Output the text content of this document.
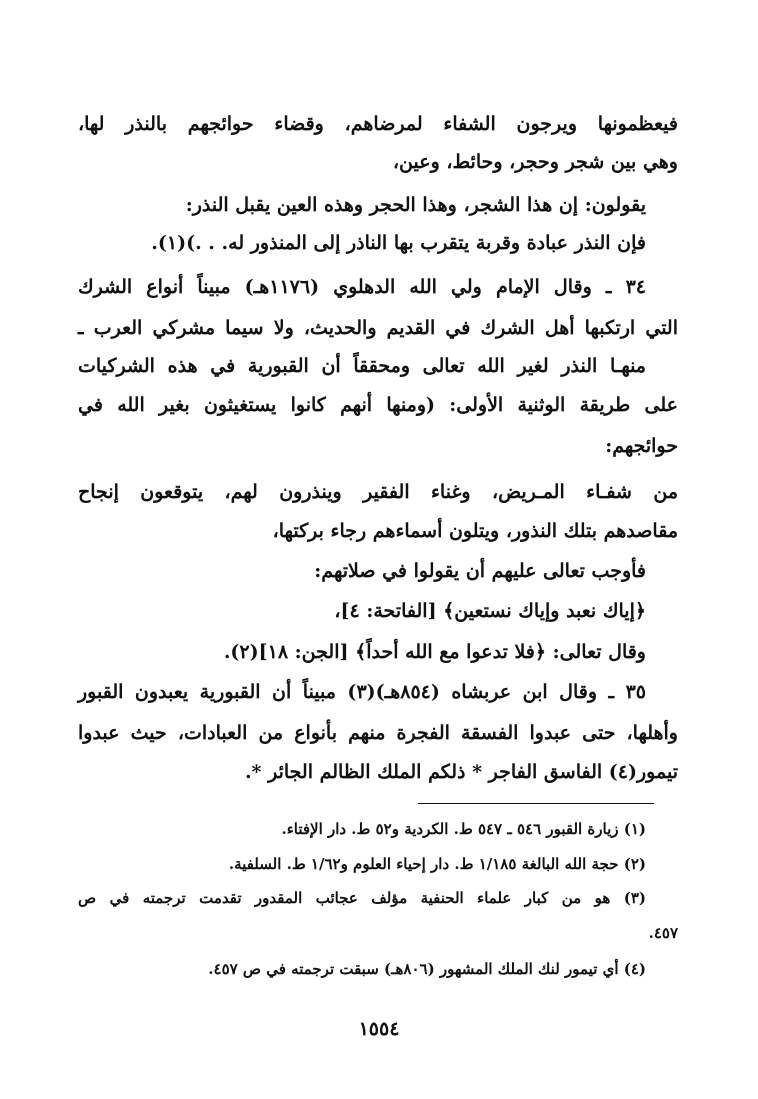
فيعظمونها ويرجون الشفاء لمرضاهم، وقضاء حوائجهم بالنذر لها،
وهي بين شجر وحجر، وحائط، وعين،
يقولون: إن هذا الشجر، وهذا الحجر وهذه العين يقبل النذر:
فإن النذر عبادة وقربة يتقرب بها الناذر إلى المنذور له. . .)(١).
٣٤ ـ وقال الإمام ولي الله الدهلوي (١١٧٦هـ) مبيناً أنواع الشرك
التي ارتكبها أهل الشرك في القديم والحديث، ولا سيما مشركي العرب ـ
منهـا النذر لغير الله تعالى ومحققاً أن القبورية في هذه الشركيات
على طريقة الوثنية الأولى: (ومنها أنهم كانوا يستغيثون بغير الله في
حوائجهم:
من شفـاء المـريض، وغناء الفقير وينذرون لهم، يتوقعون إنجاح
مقاصدهم بتلك النذور، ويتلون أسماءهم رجاء بركتها،
فأوجب تعالى عليهم أن يقولوا في صلاتهم:
﴿إياك نعبد وإياك نستعين﴾ [الفاتحة: ٤]،
وقال تعالى: ﴿فلا تدعوا مع الله أحداً﴾ [الجن: ١٨](٢).
٣٥ ـ وقال ابن عربشاه (٨٥٤هـ)(٣) مبيناً أن القبورية يعبدون القبور
وأهلها، حتى عبدوا الفسقة الفجرة منهم بأنواع من العبادات، حيث عبدوا
تيمور(٤) الفاسق الفاجر * ذلكم الملك الظالم الجائر *.
(١) زيارة القبور ٥٤٦ ـ ٥٤٧ ط. الكردية و٥٢ ط. دار الإفتاء.
(٢) حجة الله البالغة ١/١٨٥ ط. دار إحياء العلوم و١/٦٢ ط. السلفية.
(٣) هو من كبار علماء الحنفية مؤلف عجائب المقدور تقدمت ترجمته في ص
٤٥٧.
(٤) أي تيمور لنك الملك المشهور (٨٠٦هـ) سبقت ترجمته في ص ٤٥٧.
١٥٥٤
